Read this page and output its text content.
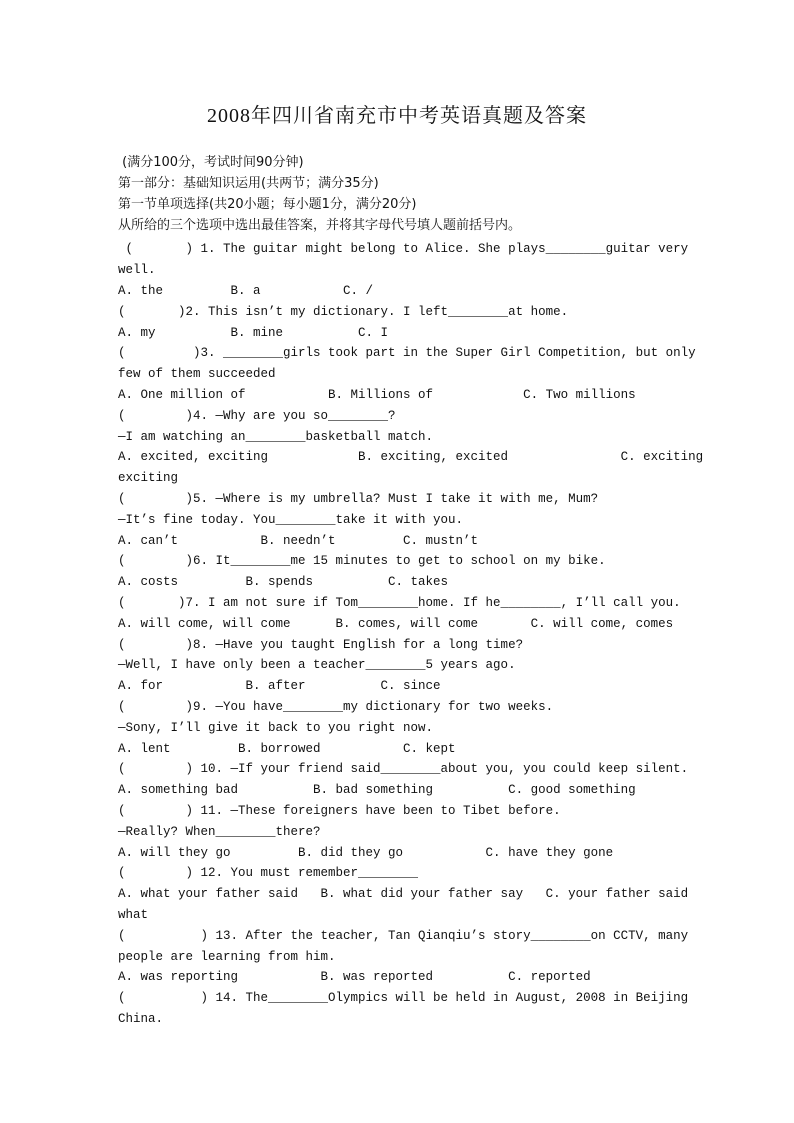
2008年四川省南充市中考英语真题及答案
(满分100分，考试时间90分钟)
第一部分：基础知识运用(共两节；满分35分)
第一节单项选择(共20小题；每小题1分，满分20分)
从所给的三个选项中选出最佳答案，并将其字母代号填人题前括号内。
(       ) 1. The guitar might belong to Alice. She plays________guitar very
well.
A. the         B. a           C. /
(       )2. This isn’t my dictionary. I left________at home.
A. my          B. mine          C. I
(         )3. ________girls took part in the Super Girl Competition, but only
few of them succeeded
A. One million of           B. Millions of            C. Two millions
(        )4. —Why are you so________?
—I am watching an________basketball match.
A. excited, exciting            B. exciting, excited               C. exciting
exciting
(        )5. —Where is my umbrella? Must I take it with me, Mum?
—It’s fine today. You________take it with you.
A. can’t           B. needn’t         C. mustn’t
(        )6. It________me 15 minutes to get to school on my bike.
A. costs         B. spends          C. takes
(       )7. I am not sure if Tom________home. If he________, I’ll call you.
A. will come, will come      B. comes, will come       C. will come, comes
(        )8. —Have you taught English for a long time?
—Well, I have only been a teacher________5 years ago.
A. for           B. after          C. since
(        )9. —You have________my dictionary for two weeks.
—Sony, I’ll give it back to you right now.
A. lent         B. borrowed           C. kept
(        ) 10. —If your friend said________about you, you could keep silent.
A. something bad          B. bad something          C. good something
(        ) 11. —These foreigners have been to Tibet before.
—Really? When________there?
A. will they go         B. did they go           C. have they gone
(        ) 12. You must remember________
A. what your father said   B. what did your father say   C. your father said
what
(          ) 13. After the teacher, Tan Qianqiu’s story________on CCTV, many
people are learning from him.
A. was reporting           B. was reported          C. reported
(          ) 14. The________Olympics will be held in August, 2008 in Beijing
China.
